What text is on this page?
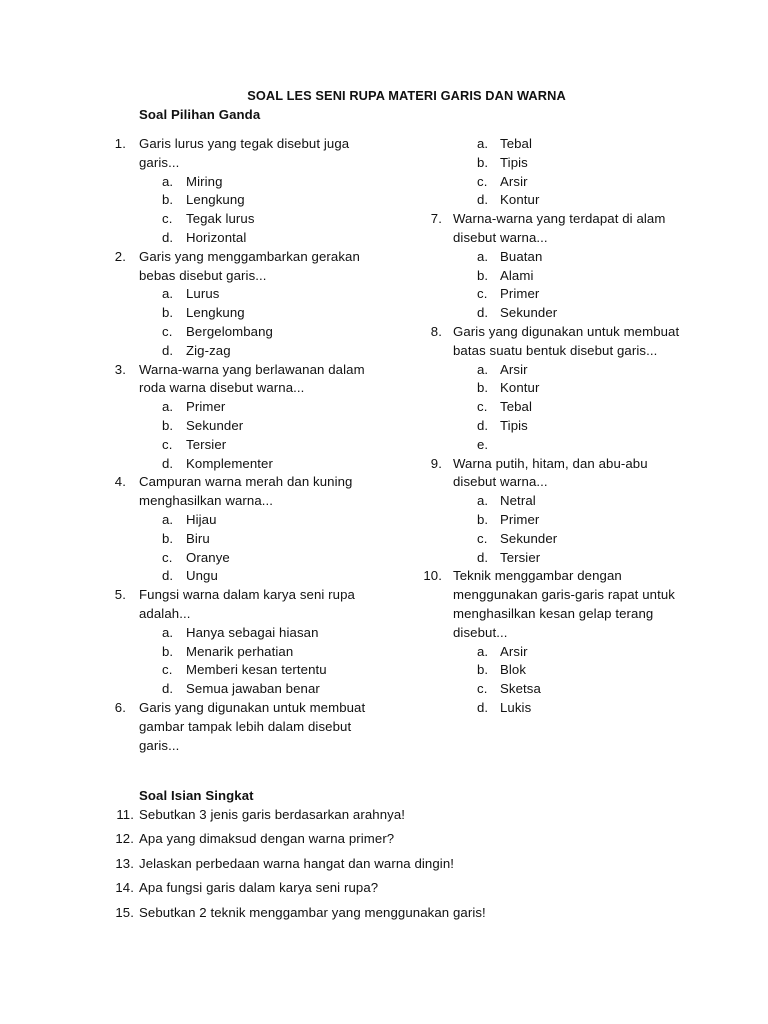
SOAL LES SENI RUPA MATERI GARIS DAN WARNA
Soal Pilihan Ganda
1. Garis lurus yang tegak disebut juga
garis...
a. Miring
b. Lengkung
c. Tegak lurus
d. Horizontal
2. Garis yang menggambarkan gerakan
bebas disebut garis...
a. Lurus
b. Lengkung
c. Bergelombang
d. Zig-zag
3. Warna-warna yang berlawanan dalam
roda warna disebut warna...
a. Primer
b. Sekunder
c. Tersier
d. Komplementer
4. Campuran warna merah dan kuning
menghasilkan warna...
a. Hijau
b. Biru
c. Oranye
d. Ungu
5. Fungsi warna dalam karya seni rupa
adalah...
a. Hanya sebagai hiasan
b. Menarik perhatian
c. Memberi kesan tertentu
d. Semua jawaban benar
6. Garis yang digunakan untuk membuat
gambar tampak lebih dalam disebut
garis...
a. Tebal
b. Tipis
c. Arsir
d. Kontur
7. Warna-warna yang terdapat di alam
disebut warna...
a. Buatan
b. Alami
c. Primer
d. Sekunder
8. Garis yang digunakan untuk membuat
batas suatu bentuk disebut garis...
a. Arsir
b. Kontur
c. Tebal
d. Tipis
e.
9. Warna putih, hitam, dan abu-abu
disebut warna...
a. Netral
b. Primer
c. Sekunder
d. Tersier
10. Teknik menggambar dengan
menggunakan garis-garis rapat untuk
menghasilkan kesan gelap terang
disebut...
a. Arsir
b. Blok
c. Sketsa
d. Lukis
Soal Isian Singkat
11. Sebutkan 3 jenis garis berdasarkan arahnya!
12. Apa yang dimaksud dengan warna primer?
13. Jelaskan perbedaan warna hangat dan warna dingin!
14. Apa fungsi garis dalam karya seni rupa?
15. Sebutkan 2 teknik menggambar yang menggunakan garis!
